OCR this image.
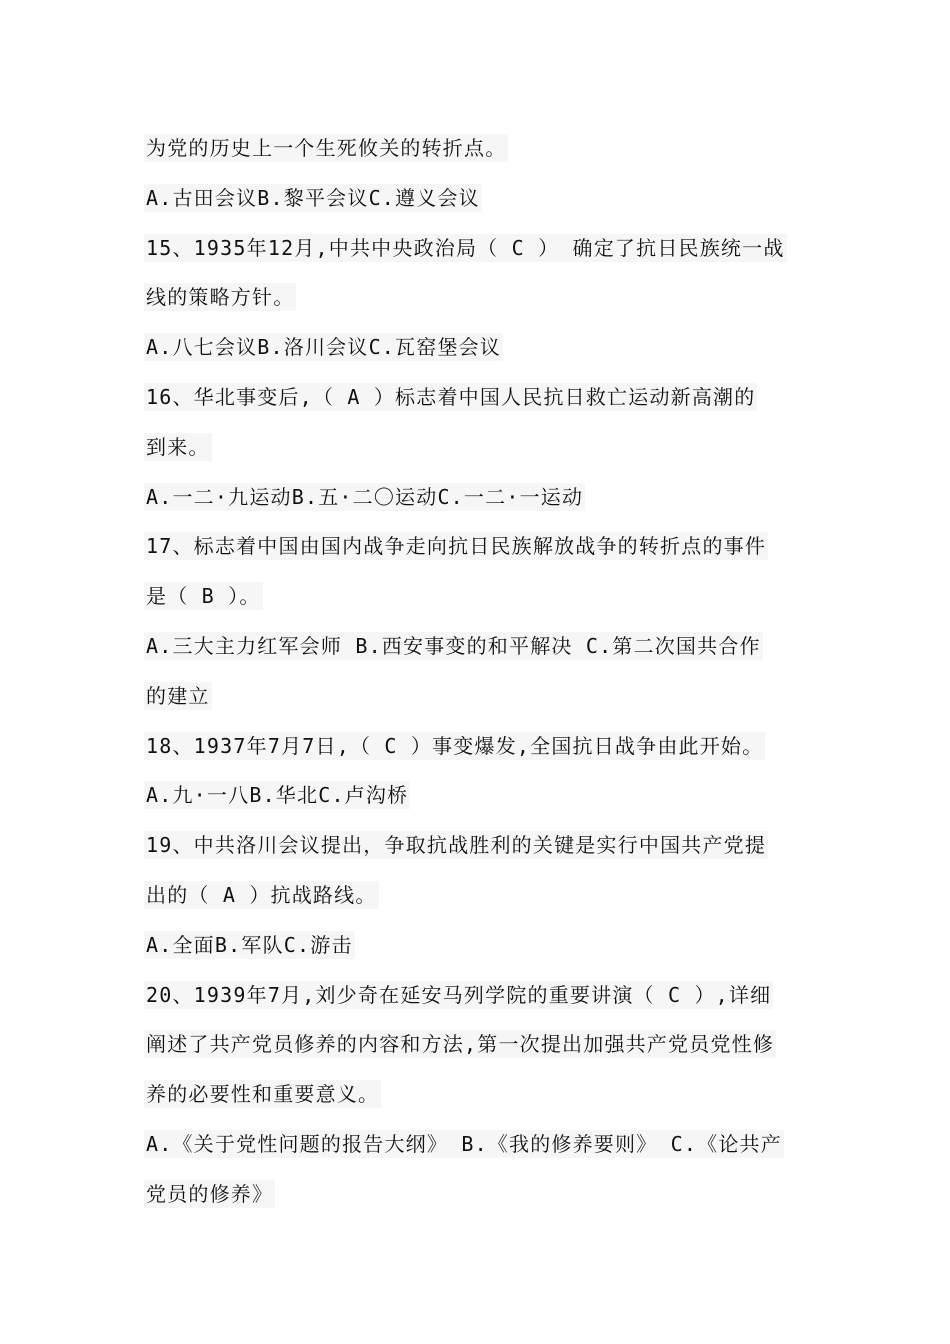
为党的历史上一个生死攸关的转折点。
A.古田会议B.黎平会议C.遵义会议
15、1935年12月,中共中央政治局（ C ） 确定了抗日民族统一战
线的策略方针。
A.八七会议B.洛川会议C.瓦窑堡会议
16、华北事变后,（ A ）标志着中国人民抗日救亡运动新高潮的
到来。
A.一二·九运动B.五·二〇运动C.一二·一运动
17、标志着中国由国内战争走向抗日民族解放战争的转折点的事件
是（ B ）。
A.三大主力红军会师 B.西安事变的和平解决 C.第二次国共合作
的建立
18、1937年7月7日,（ C ）事变爆发,全国抗日战争由此开始。
A.九·一八B.华北C.卢沟桥
19、中共洛川会议提出，争取抗战胜利的关键是实行中国共产党提
出的（ A ）抗战路线。
A.全面B.军队C.游击
20、1939年7月,刘少奇在延安马列学院的重要讲演（ C ）,详细
阐述了共产党员修养的内容和方法,第一次提出加强共产党员党性修
养的必要性和重要意义。
A.《关于党性问题的报告大纲》 B.《我的修养要则》 C.《论共产
党员的修养》
